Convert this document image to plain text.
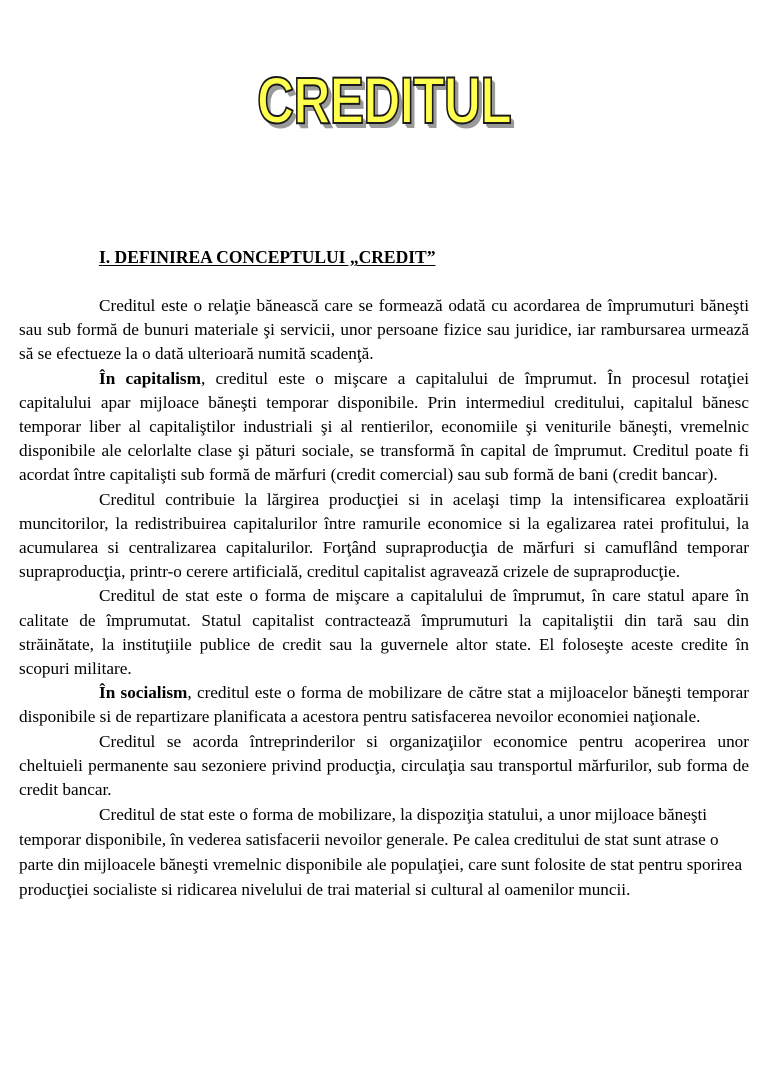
CREDITUL
I. DEFINIREA CONCEPTULUI „CREDIT”

Creditul este o relaţie bănească care se formează odată cu acordarea de împrumuturi băneşti sau sub formă de bunuri materiale şi servicii, unor persoane fizice sau juridice, iar rambursarea urmează să se efectueze la o dată ulterioară numită scadenţă.

În capitalism, creditul este o mişcare a capitalului de împrumut. În procesul rotaţiei capitalului apar mijloace băneşti temporar disponibile. Prin intermediul creditului, capitalul bănesc temporar liber al capitaliştilor industriali şi al rentierilor, economiile şi veniturile băneşti, vremelnic disponibile ale celorlalte clase şi pături sociale, se transformă în capital de împrumut. Creditul poate fi acordat între capitalişti sub formă de mărfuri (credit comercial) sau sub formă de bani (credit bancar).

Creditul contribuie la lărgirea producţiei si in acelaşi timp la intensificarea exploatării muncitorilor, la redistribuirea capitalurilor între ramurile economice si la egalizarea ratei profitului, la acumularea si centralizarea capitalurilor. Forţând supraproducţia de mărfuri si camuflând temporar supraproducţia, printr-o cerere artificială, creditul capitalist agravează crizele de supraproducţie.

Creditul de stat este o forma de mişcare a capitalului de împrumut, în care statul apare în calitate de împrumutat. Statul capitalist contractează împrumuturi la capitaliştii din tară sau din străinătate, la instituţiile publice de credit sau la guvernele altor state. El foloseşte aceste credite în scopuri militare.

În socialism, creditul este o forma de mobilizare de către stat a mijloacelor băneşti temporar disponibile si de repartizare planificata a acestora pentru satisfacerea nevoilor economiei naţionale.

Creditul se acorda întreprinderilor si organizaţiilor economice pentru acoperirea unor cheltuieli permanente sau sezoniere privind producţia, circulaţia sau transportul mărfurilor, sub forma de credit bancar.

Creditul de stat este o forma de mobilizare, la dispoziţia statului, a unor mijloace băneşti temporar disponibile, în vederea satisfacerii nevoilor generale. Pe calea creditului de stat sunt atrase o parte din mijloacele băneşti vremelnic disponibile ale populaţiei, care sunt folosite de stat pentru sporirea producţiei socialiste si ridicarea nivelului de trai material si cultural al oamenilor muncii.
